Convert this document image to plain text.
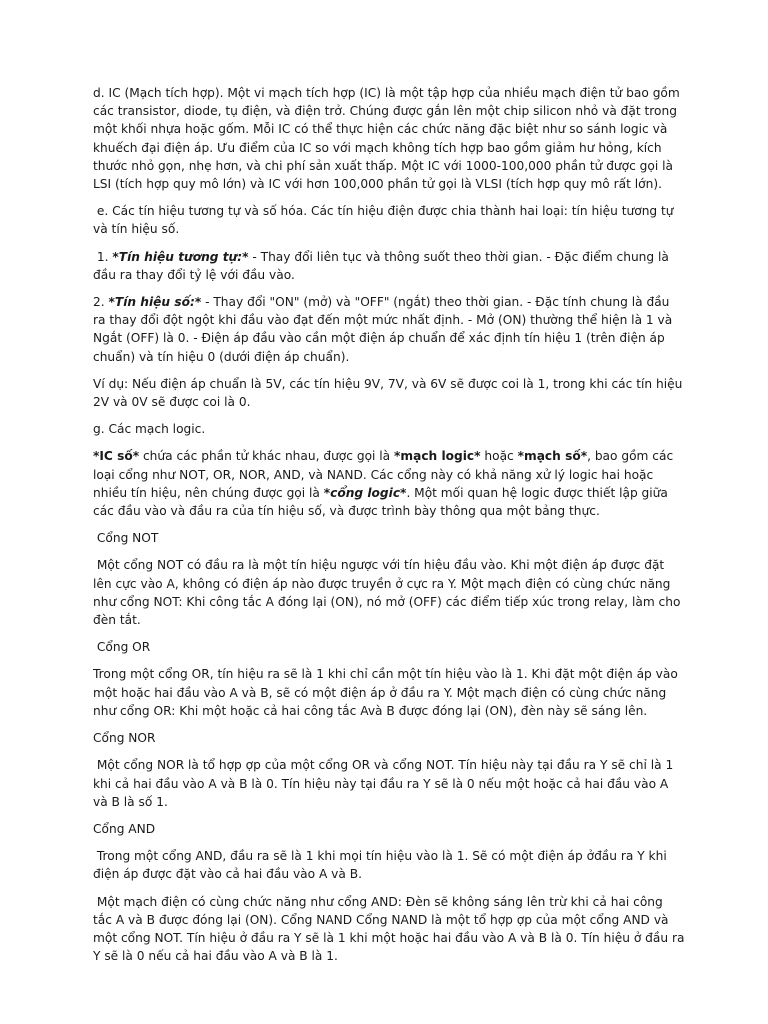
d. IC (Mạch tích hợp). Một vi mạch tích hợp (IC) là một tập hợp của nhiều mạch điện tử bao gồm các transistor, diode, tụ điện, và điện trở. Chúng được gắn lên một chip silicon nhỏ và đặt trong một khối nhựa hoặc gốm. Mỗi IC có thể thực hiện các chức năng đặc biệt như so sánh logic và khuếch đại điện áp. Ưu điểm của IC so với mạch không tích hợp bao gồm giảm hư hỏng, kích thước nhỏ gọn, nhẹ hơn, và chi phí sản xuất thấp. Một IC với 1000-100,000 phần tử được gọi là LSI (tích hợp quy mô lớn) và IC với hơn 100,000 phần tử gọi là VLSI (tích hợp quy mô rất lớn).

e. Các tín hiệu tương tự và số hóa. Các tín hiệu điện được chia thành hai loại: tín hiệu tương tự và tín hiệu số.

1. *Tín hiệu tương tự:* - Thay đổi liên tục và thông suốt theo thời gian. - Đặc điểm chung là đầu ra thay đổi tỷ lệ với đầu vào.

2. *Tín hiệu số:* - Thay đổi "ON" (mở) và "OFF" (ngắt) theo thời gian. - Đặc tính chung là đầu ra thay đổi đột ngột khi đầu vào đạt đến một mức nhất định. - Mở (ON) thường thể hiện là 1 và Ngắt (OFF) là 0. - Điện áp đầu vào cần một điện áp chuẩn để xác định tín hiệu 1 (trên điện áp chuẩn) và tín hiệu 0 (dưới điện áp chuẩn).

Ví dụ: Nếu điện áp chuẩn là 5V, các tín hiệu 9V, 7V, và 6V sẽ được coi là 1, trong khi các tín hiệu 2V và 0V sẽ được coi là 0.

g. Các mạch logic.

*IC số* chứa các phần tử khác nhau, được gọi là *mạch logic* hoặc *mạch số*, bao gồm các loại cổng như NOT, OR, NOR, AND, và NAND. Các cổng này có khả năng xử lý logic hai hoặc nhiều tín hiệu, nên chúng được gọi là *cổng logic*. Một mối quan hệ logic được thiết lập giữa các đầu vào và đầu ra của tín hiệu số, và được trình bày thông qua một bảng thực.

Cổng NOT

Một cổng NOT có đầu ra là một tín hiệu ngược với tín hiệu đầu vào. Khi một điện áp được đặt lên cực vào A, không có điện áp nào được truyền ở cực ra Y. Một mạch điện có cùng chức năng như cổng NOT: Khi công tắc A đóng lại (ON), nó mở (OFF) các điểm tiếp xúc trong relay, làm cho đèn tắt.

Cổng OR

Trong một cổng OR, tín hiệu ra sẽ là 1 khi chỉ cần một tín hiệu vào là 1. Khi đặt một điện áp vào một hoặc hai đầu vào A và B, sẽ có một điện áp ở đầu ra Y. Một mạch điện có cùng chức năng như cổng OR: Khi một hoặc cả hai công tắc Avà B được đóng lại (ON), đèn này sẽ sáng lên.

Cổng NOR

Một cổng NOR là tổ hợp ợp của một cổng OR và cổng NOT. Tín hiệu này tại đầu ra Y sẽ chỉ là 1 khi cả hai đầu vào A và B là 0. Tín hiệu này tại đầu ra Y sẽ là 0 nếu một hoặc cả hai đầu vào A và B là số 1.

Cổng AND

Trong một cổng AND, đầu ra sẽ là 1 khi mọi tín hiệu vào là 1. Sẽ có một điện áp ởđầu ra Y khi điện áp được đặt vào cả hai đầu vào A và B.

Một mạch điện có cùng chức năng như cổng AND: Đèn sẽ không sáng lên trừ khi cả hai công tắc A và B được đóng lại (ON). Cổng NAND Cổng NAND là một tổ hợp ợp của một cổng AND và một cổng NOT. Tín hiệu ở đầu ra Y sẽ là 1 khi một hoặc hai đầu vào A và B là 0. Tín hiệu ở đầu ra Y sẽ là 0 nếu cả hai đầu vào A và B là 1.
